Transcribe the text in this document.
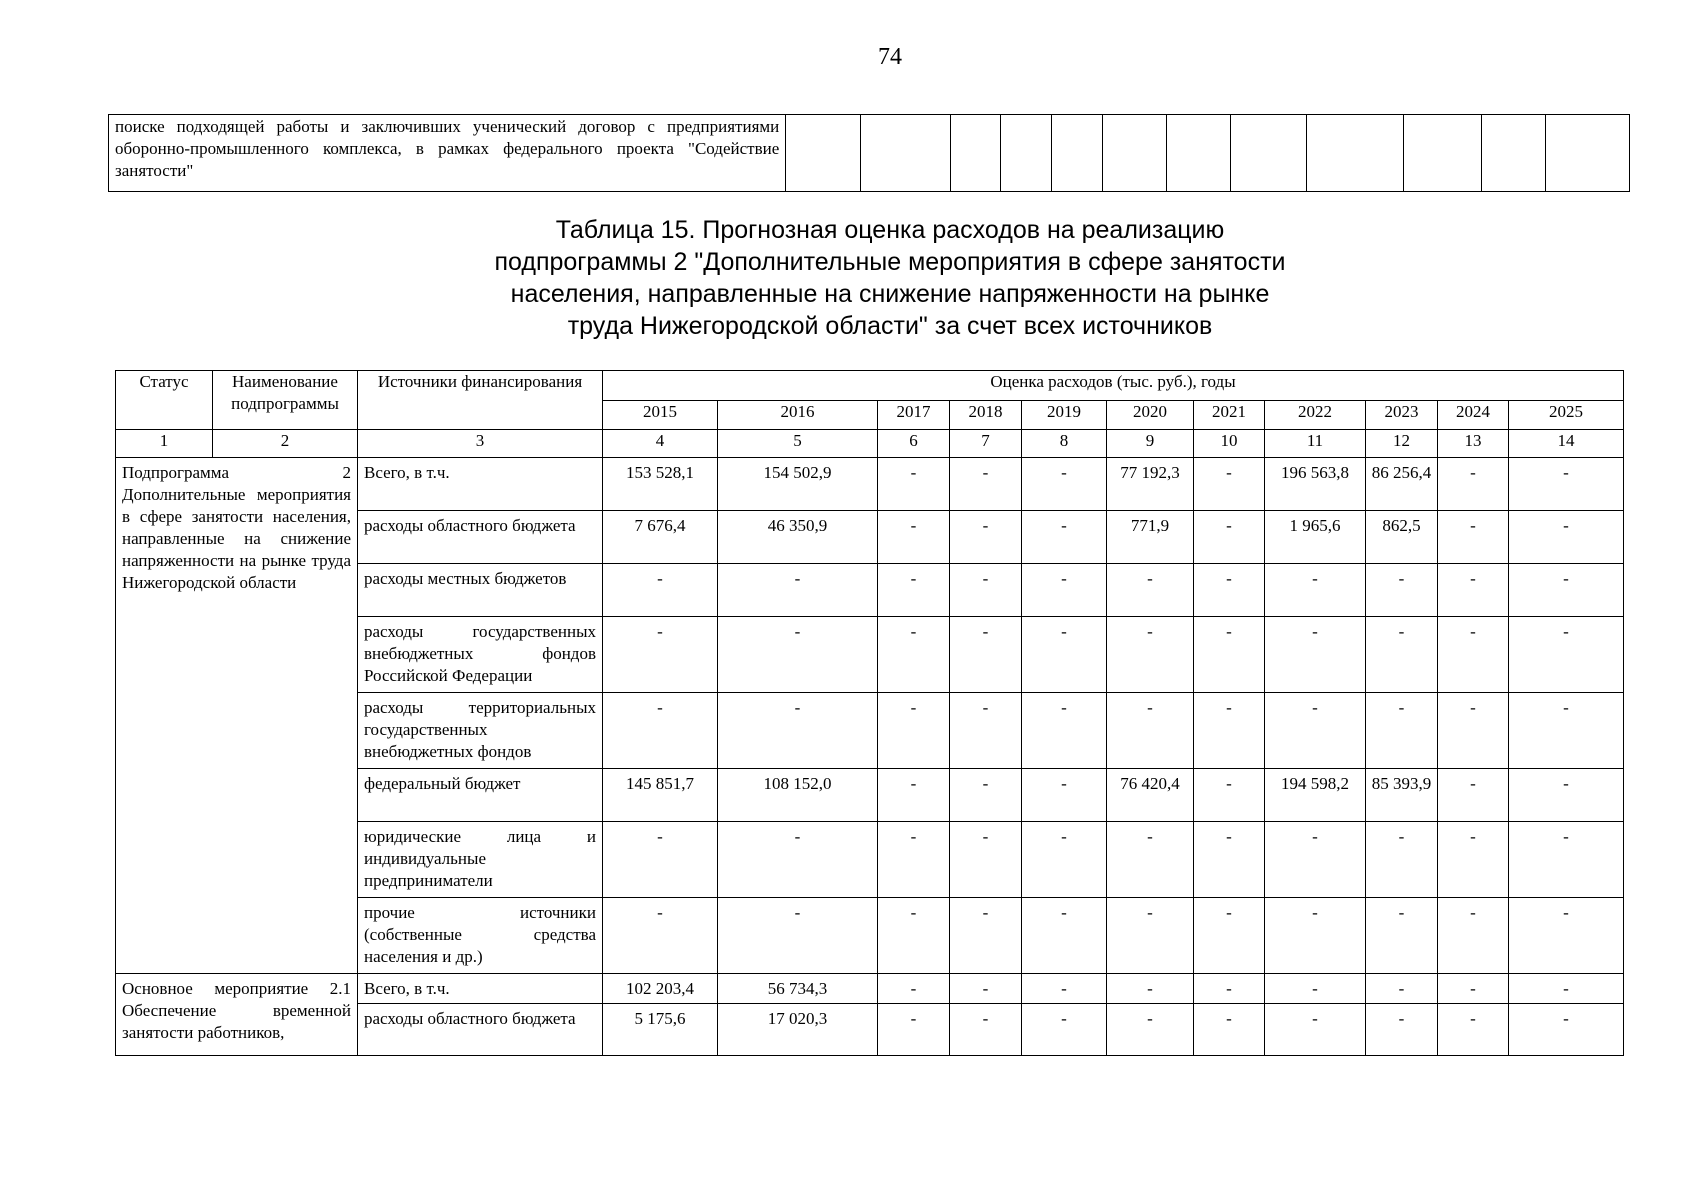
74
поиске подходящей работы и заключивших ученический договор с предприятиями оборонно-промышленного комплекса, в рамках федерального проекта "Содействие занятости"												
Таблица 15. Прогнозная оценка расходов на реализацию
подпрограммы 2 "Дополнительные мероприятия в сфере занятости
населения, направленные на снижение напряженности на рынке
труда Нижегородской области" за счет всех источников
Статус	Наименование подпрограммы	Источники финансирования	Оценка расходов (тыс. руб.), годы										
			2015	2016	2017	2018	2019	2020	2021	2022	2023	2024	2025
1	2	3	4	5	6	7	8	9	10	11	12	13	14
Подпрограмма 2 Дополнительные мероприятия в сфере занятости населения, направленные на снижение напряженности на рынке труда Нижегородской области		Всего, в т.ч.	153 528,1	154 502,9	-	-	-	77 192,3	-	196 563,8	86 256,4	-	-
		расходы областного бюджета	7 676,4	46 350,9	-	-	-	771,9	-	1 965,6	862,5	-	-
		расходы местных бюджетов	-	-	-	-	-	-	-	-	-	-	-
		расходы государственных внебюджетных фондов Российской Федерации	-	-	-	-	-	-	-	-	-	-	-
		расходы территориальных государственных внебюджетных фондов	-	-	-	-	-	-	-	-	-	-	-
		федеральный бюджет	145 851,7	108 152,0	-	-	-	76 420,4	-	194 598,2	85 393,9	-	-
		юридические лица и индивидуальные предприниматели	-	-	-	-	-	-	-	-	-	-	-
		прочие источники (собственные средства населения и др.)	-	-	-	-	-	-	-	-	-	-	-
Основное мероприятие 2.1 Обеспечение временной занятости работников,		Всего, в т.ч.	102 203,4	56 734,3	-	-	-	-	-	-	-	-	-
		расходы областного бюджета	5 175,6	17 020,3	-	-	-	-	-	-	-	-	-
